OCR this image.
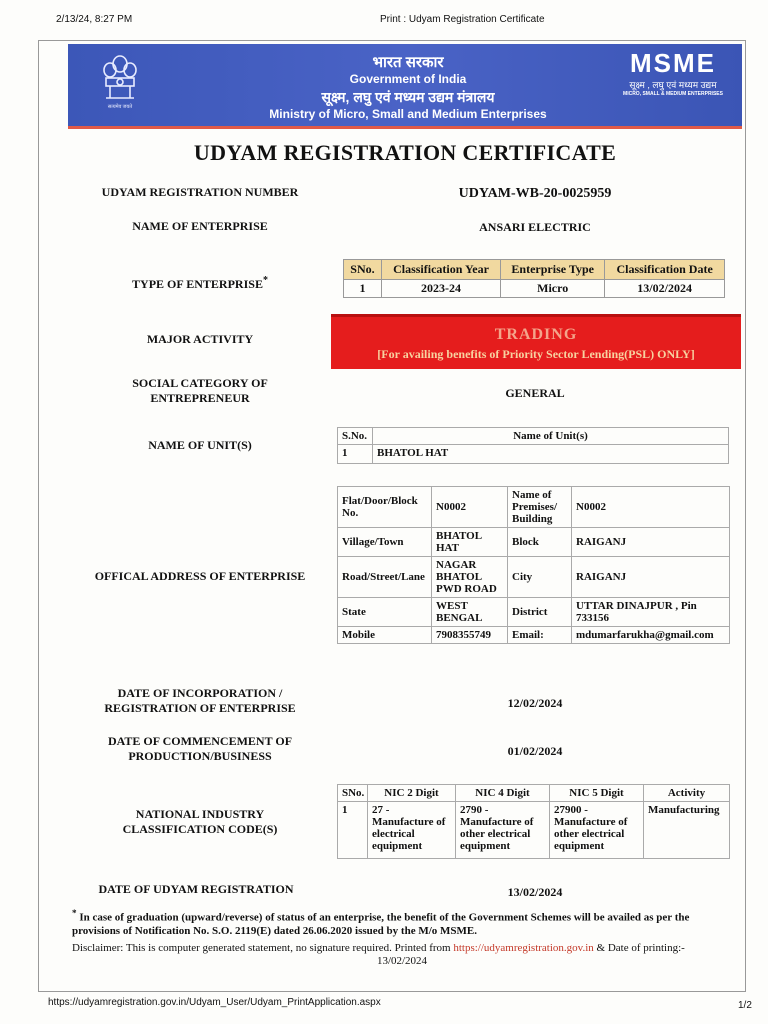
2/13/24, 8:27 PM	Print : Udyam Registration Certificate
सत्यमेव जयते
भारत सरकार
Government of India
सूक्ष्म, लघु एवं मध्यम उद्यम मंत्रालय
Ministry of Micro, Small and Medium Enterprises
MSME
सूक्ष्म , लघु एवं मध्यम उद्यम
MICRO, SMALL & MEDIUM ENTERPRISES
UDYAM REGISTRATION CERTIFICATE
UDYAM REGISTRATION NUMBER	UDYAM-WB-20-0025959
NAME OF ENTERPRISE	ANSARI ELECTRIC
TYPE OF ENTERPRISE*
SNo.	Classification Year	Enterprise Type	Classification Date
1	2023-24	Micro	13/02/2024
MAJOR ACTIVITY	TRADING
[For availing benefits of Priority Sector Lending(PSL) ONLY]
SOCIAL CATEGORY OF
ENTREPRENEUR	GENERAL
NAME OF UNIT(S)
S.No.	Name of Unit(s)
1	BHATOL HAT
OFFICAL ADDRESS OF ENTERPRISE
Flat/Door/Block No.	N0002	Name of Premises/ Building	N0002
Village/Town	BHATOL HAT	Block	RAIGANJ
Road/Street/Lane	NAGAR BHATOL PWD ROAD	City	RAIGANJ
State	WEST BENGAL	District	UTTAR DINAJPUR , Pin 733156
Mobile	7908355749	Email:	mdumarfarukha@gmail.com
DATE OF INCORPORATION /
REGISTRATION OF ENTERPRISE	12/02/2024
DATE OF COMMENCEMENT OF
PRODUCTION/BUSINESS	01/02/2024
NATIONAL INDUSTRY
CLASSIFICATION CODE(S)
SNo.	NIC 2 Digit	NIC 4 Digit	NIC 5 Digit	Activity
1	27 - Manufacture of electrical equipment	2790 - Manufacture of other electrical equipment	27900 - Manufacture of other electrical equipment	Manufacturing
DATE OF UDYAM REGISTRATION	13/02/2024
* In case of graduation (upward/reverse) of status of an enterprise, the benefit of the Government Schemes will be availed as per the provisions of Notification No. S.O. 2119(E) dated 26.06.2020 issued by the M/o MSME.
Disclaimer: This is computer generated statement, no signature required. Printed from https://udyamregistration.gov.in & Date of printing:-
13/02/2024
https://udyamregistration.gov.in/Udyam_User/Udyam_PrintApplication.aspx	1/2
